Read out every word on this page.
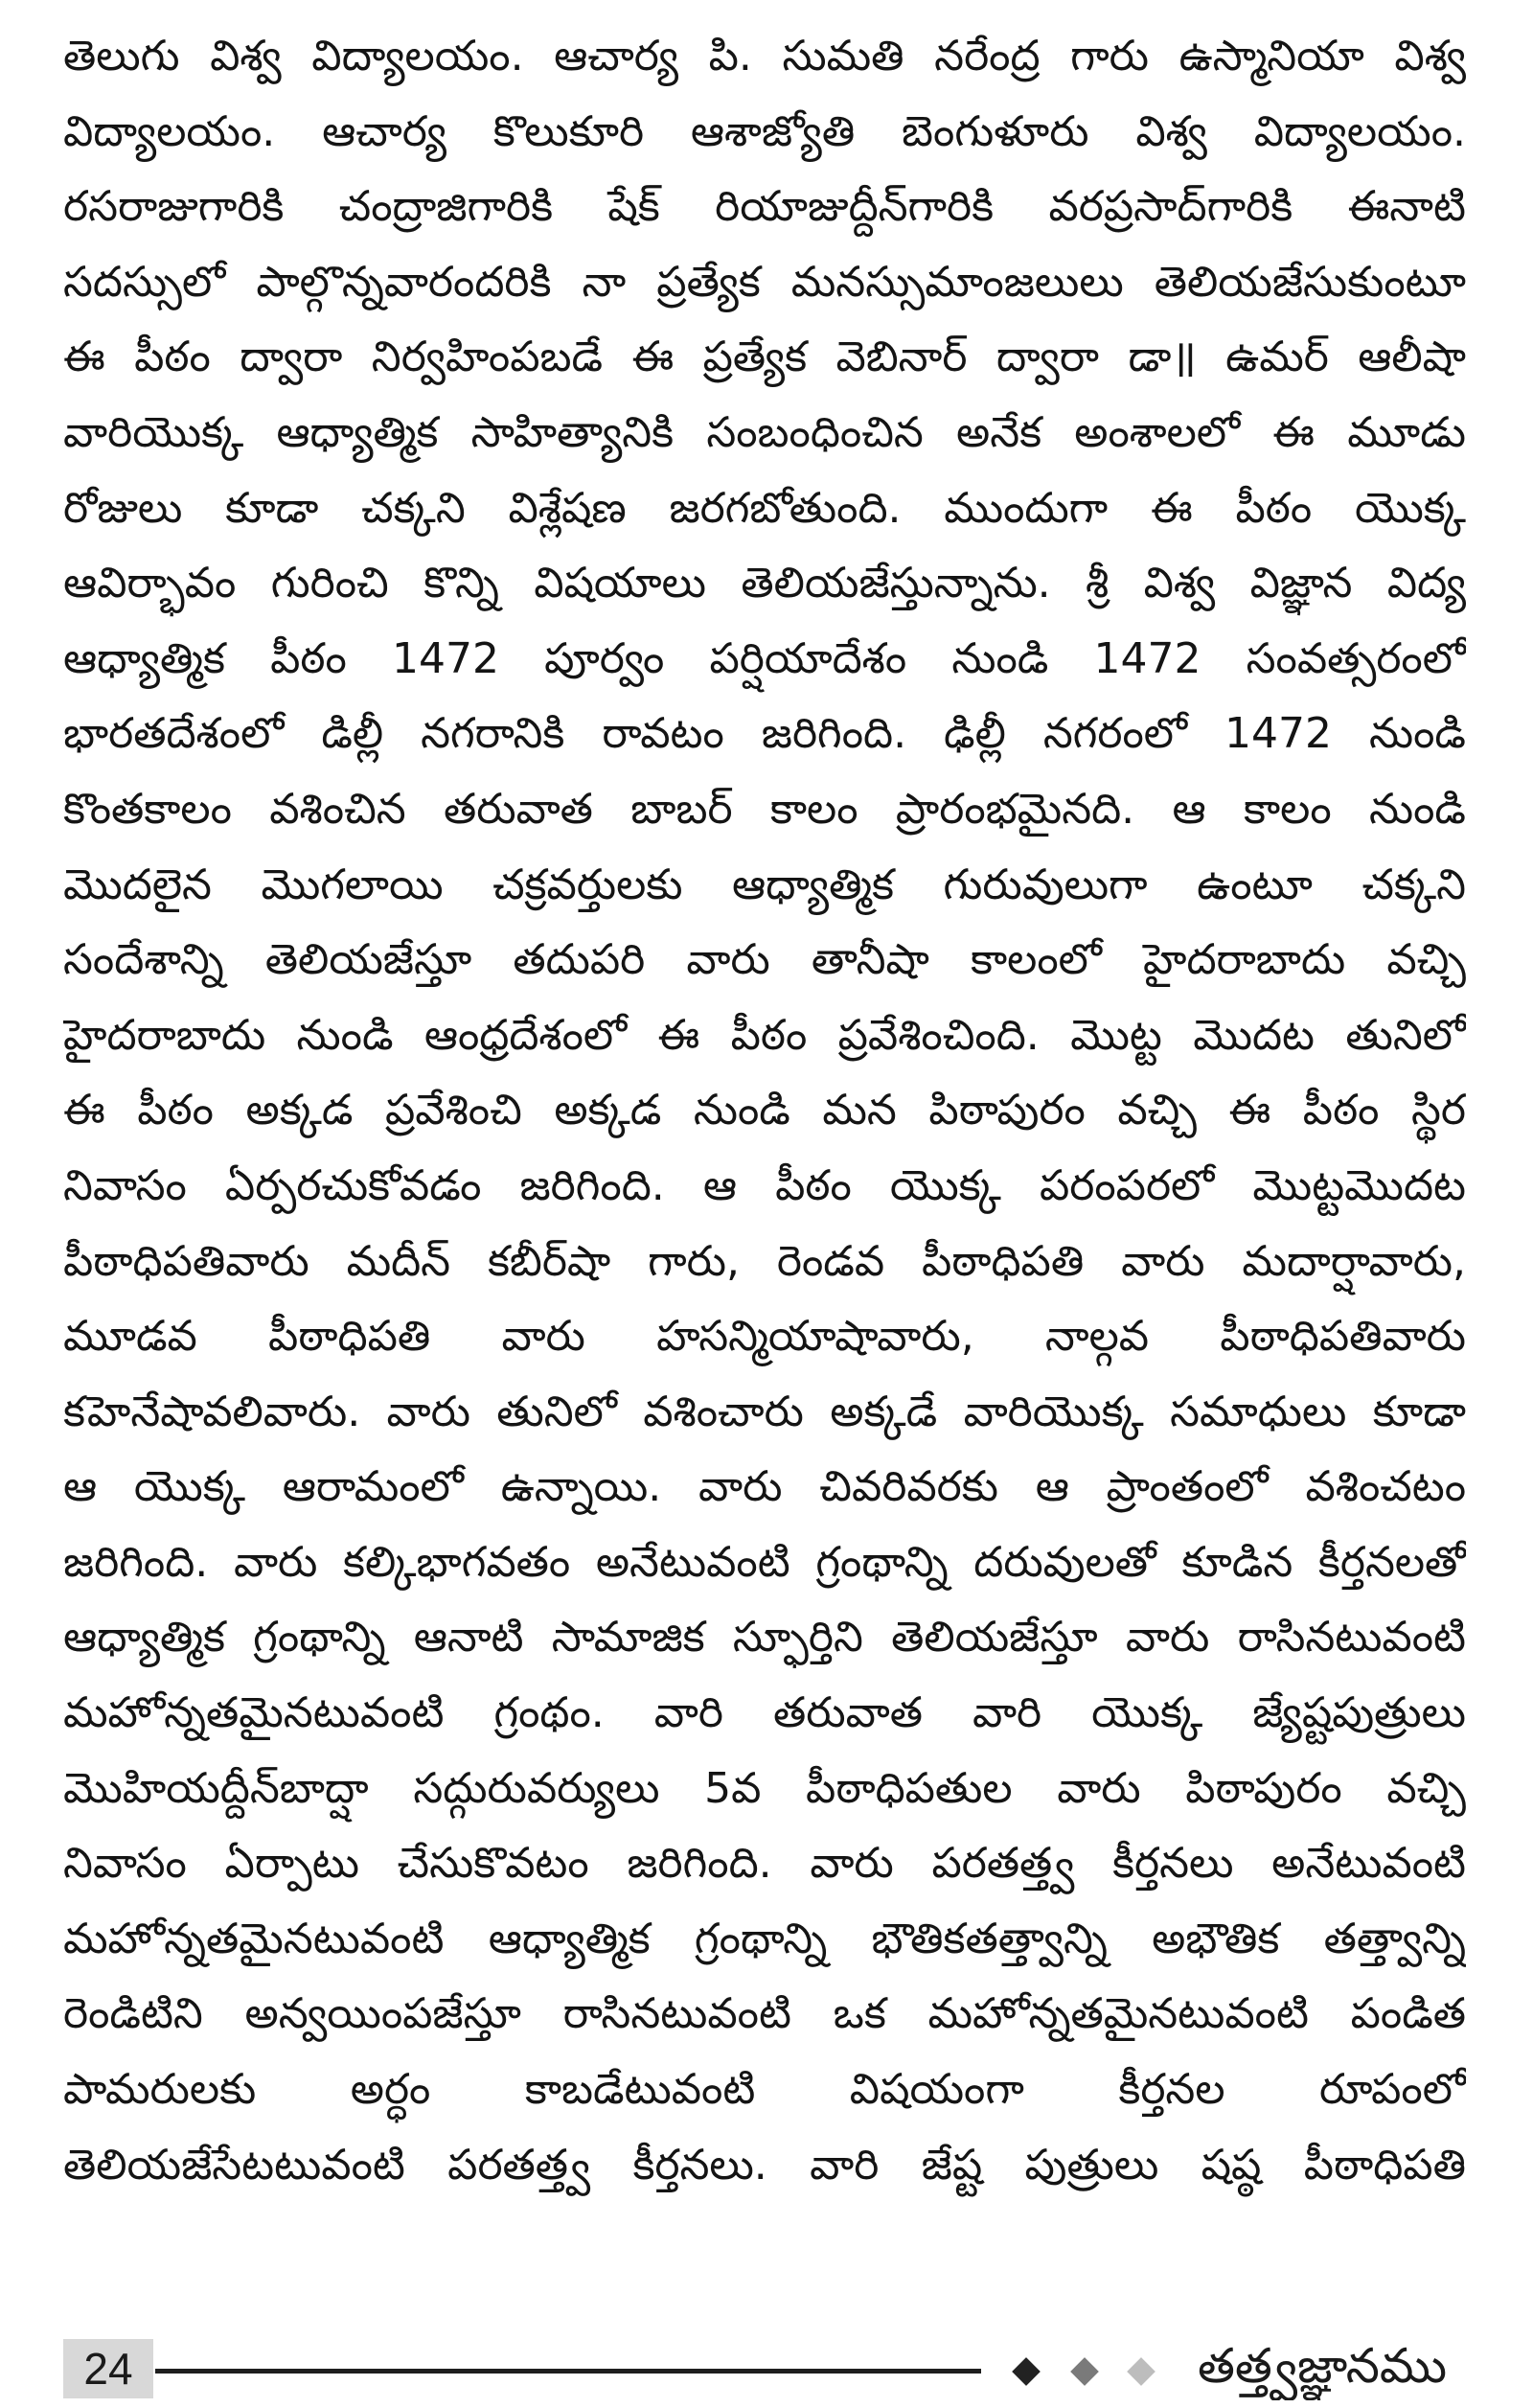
తెలుగు విశ్వ విద్యాలయం. ఆచార్య పి. సుమతి నరేంద్ర గారు ఉస్మానియా విశ్వ
విద్యాలయం. ఆచార్య కొలుకూరి ఆశాజ్యోతి బెంగుళూరు విశ్వ విద్యాలయం.
రసరాజుగారికి చంద్రాజిగారికి షేక్ రియాజుద్దీన్‌గారికి వరప్రసాద్‌గారికి ఈనాటి
సదస్సులో పాల్గొన్నవారందరికి నా ప్రత్యేక మనస్సుమాంజలులు తెలియజేసుకుంటూ
ఈ పీఠం ద్వారా నిర్వహింపబడే ఈ ప్రత్యేక వెబినార్ ద్వారా డా॥ ఉమర్ ఆలీషా
వారియొక్క ఆధ్యాత్మిక సాహిత్యానికి సంబంధించిన అనేక అంశాలలో ఈ మూడు
రోజులు కూడా చక్కని విశ్లేషణ జరగబోతుంది. ముందుగా ఈ పీఠం యొక్క
ఆవిర్భావం గురించి కొన్ని విషయాలు తెలియజేస్తున్నాను. శ్రీ విశ్వ విజ్ఞాన విద్య
ఆధ్యాత్మిక పీఠం 1472 పూర్వం పర్షియాదేశం నుండి 1472 సంవత్సరంలో
భారతదేశంలో డిల్లీ నగరానికి రావటం జరిగింది. ఢిల్లీ నగరంలో 1472 నుండి
కొంతకాలం వశించిన తరువాత బాబర్ కాలం ప్రారంభమైనది. ఆ కాలం నుండి
మొదలైన మొగలాయి చక్రవర్తులకు ఆధ్యాత్మిక గురువులుగా ఉంటూ చక్కని
సందేశాన్ని తెలియజేస్తూ తదుపరి వారు తానీషా కాలంలో హైదరాబాదు వచ్చి
హైదరాబాదు నుండి ఆంధ్రదేశంలో ఈ పీఠం ప్రవేశించింది. మొట్ట మొదట తునిలో
ఈ పీఠం అక్కడ ప్రవేశించి అక్కడ నుండి మన పిఠాపురం వచ్చి ఈ పీఠం స్థిర
నివాసం ఏర్పరచుకోవడం జరిగింది. ఆ పీఠం యొక్క పరంపరలో మొట్టమొదట
పీఠాధిపతివారు మదీన్ కబీర్‌షా గారు, రెండవ పీఠాధిపతి వారు మదార్షావారు,
మూడవ పీఠాధిపతి వారు హసన్మియాషావారు, నాల్గవ పీఠాధిపతివారు
కహెనేషావలివారు. వారు తునిలో వశించారు అక్కడే వారియొక్క సమాధులు కూడా
ఆ యొక్క ఆరామంలో ఉన్నాయి. వారు చివరివరకు ఆ ప్రాంతంలో వశించటం
జరిగింది. వారు కల్కిభాగవతం అనేటువంటి గ్రంథాన్ని దరువులతో కూడిన కీర్తనలతో
ఆధ్యాత్మిక గ్రంథాన్ని ఆనాటి సామాజిక స్ఫూర్తిని తెలియజేస్తూ వారు రాసినటువంటి
మహోన్నతమైనటువంటి గ్రంథం. వారి తరువాత వారి యొక్క జ్యేష్టపుత్రులు
మొహియద్దీన్‌బాద్షా సద్గురువర్యులు 5వ పీఠాధిపతుల వారు పిఠాపురం వచ్చి
నివాసం ఏర్పాటు చేసుకొవటం జరిగింది. వారు పరతత్త్వ కీర్తనలు అనేటువంటి
మహోన్నతమైనటువంటి ఆధ్యాత్మిక గ్రంథాన్ని భౌతికతత్త్వాన్ని అభౌతిక తత్త్వాన్ని
రెండిటిని అన్వయింపజేస్తూ రాసినటువంటి ఒక మహోన్నతమైనటువంటి పండిత
పామరులకు అర్ధం కాబడేటువంటి విషయంగా కీర్తనల రూపంలో
తెలియజేసేటటువంటి పరతత్త్వ కీర్తనలు. వారి జేష్ట పుత్రులు షష్ఠ పీఠాధిపతి
24	తత్త్వజ్ఞానము
